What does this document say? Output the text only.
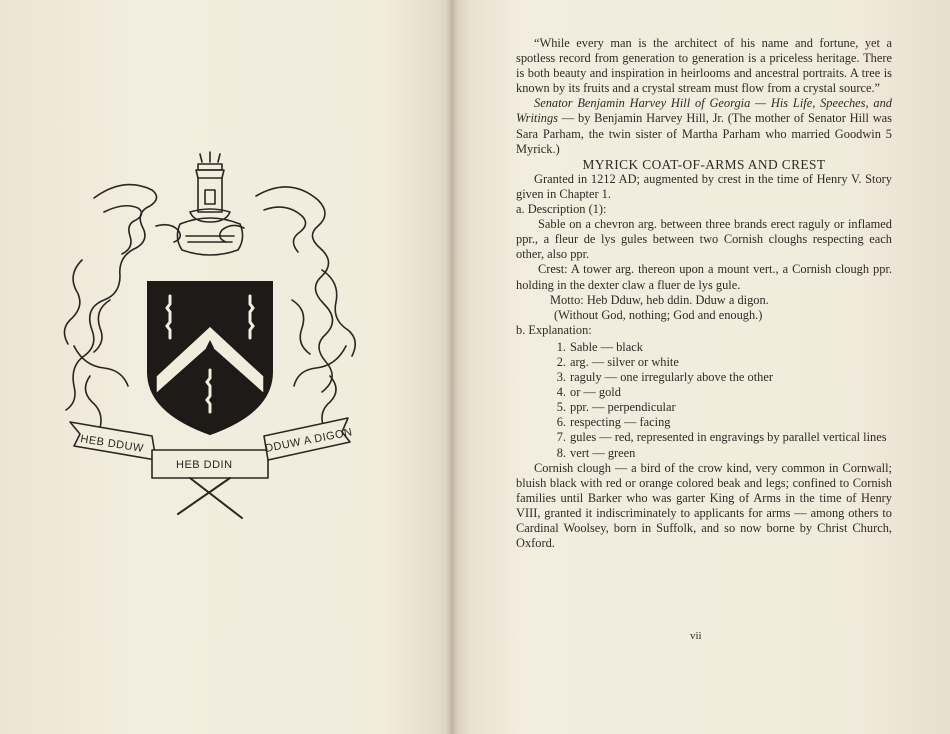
HEB DDUW
HEB DDIN
DDUW A DIGON

“While every man is the architect of his name and fortune, yet a spotless record from generation to generation is a priceless heritage. There is both beauty and inspiration in heirlooms and ancestral portraits. A tree is known by its fruits and a crystal stream must flow from a crystal source.”

Senator Benjamin Harvey Hill of Georgia — His Life, Speeches, and Writings — by Benjamin Harvey Hill, Jr. (The mother of Senator Hill was Sara Parham, the twin sister of Martha Parham who married Goodwin 5 Myrick.)

MYRICK COAT-OF-ARMS AND CREST

Granted in 1212 AD; augmented by crest in the time of Henry V. Story given in Chapter 1.

a. Description (1):

Sable on a chevron arg. between three brands erect raguly or inflamed ppr., a fleur de lys gules between two Cornish cloughs respecting each other, also ppr.

Crest: A tower arg. thereon upon a mount vert., a Cornish clough ppr. holding in the dexter claw a fluer de lys gule.

Motto: Heb Dduw, heb ddin. Dduw a digon.

(Without God, nothing; God and enough.)

b. Explanation:

1. Sable — black
2. arg. — silver or white
3. raguly — one irregularly above the other
4. or — gold
5. ppr. — perpendicular
6. respecting — facing
7. gules — red, represented in engravings by parallel vertical lines
8. vert — green

Cornish clough — a bird of the crow kind, very common in Cornwall; bluish black with red or orange colored beak and legs; confined to Cornish families until Barker who was garter King of Arms in the time of Henry VIII, granted it indiscriminately to applicants for arms — among others to Cardinal Woolsey, born in Suffolk, and so now borne by Christ Church, Oxford.

vii
